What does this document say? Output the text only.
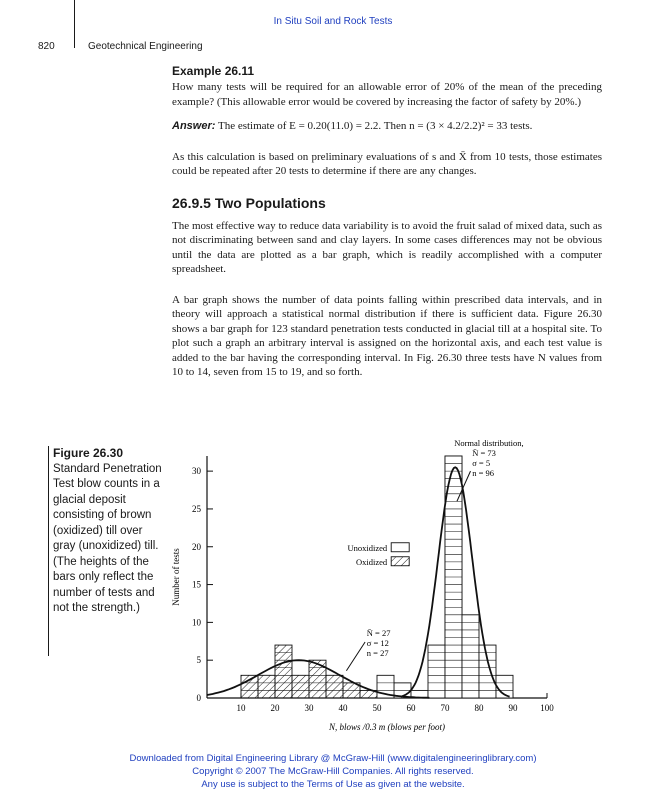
In Situ Soil and Rock Tests
820	Geotechnical Engineering
Example 26.11

How many tests will be required for an allowable error of 20% of the mean of the preceding example? (This allowable error would be covered by increasing the factor of safety by 20%.)

Answer: The estimate of E = 0.20(11.0) = 2.2. Then n = (3 × 4.2/2.2)² = 33 tests.

As this calculation is based on preliminary evaluations of s and X̄ from 10 tests, those estimates could be repeated after 20 tests to determine if there are any changes.

26.9.5 Two Populations

The most effective way to reduce data variability is to avoid the fruit salad of mixed data, such as not discriminating between sand and clay layers. In some cases differences may not be obvious until the data are plotted as a bar graph, which is readily accomplished with a computer spreadsheet.

A bar graph shows the number of data points falling within prescribed data intervals, and in theory will approach a statistical normal distribution if there is sufficient data. Figure 26.30 shows a bar graph for 123 standard penetration tests conducted in glacial till at a hospital site. To plot such a graph an arbitrary interval is assigned on the horizontal axis, and each test value is added to the bar having the corresponding interval. In Fig. 26.30 three tests have N values from 10 to 14, seven from 15 to 19, and so forth.

Figure 26.30
Standard Penetration Test blow counts in a glacial deposit consisting of brown (oxidized) till over gray (unoxidized) till. (The heights of the bars only reflect the number of tests and not the strength.)
0
5
10
15
20
25
30
10	20	30	40	50	60	70	80	90	100
N, blows /0.3 m (blows per foot)
Number of tests
N̄ = 27
σ = 12
n = 27
Normal distribution,
N̄ = 73
σ = 5
n = 96
Unoxidized
Oxidized
Downloaded from Digital Engineering Library @ McGraw-Hill (www.digitalengineeringlibrary.com)
Copyright © 2007 The McGraw-Hill Companies. All rights reserved.
Any use is subject to the Terms of Use as given at the website.
